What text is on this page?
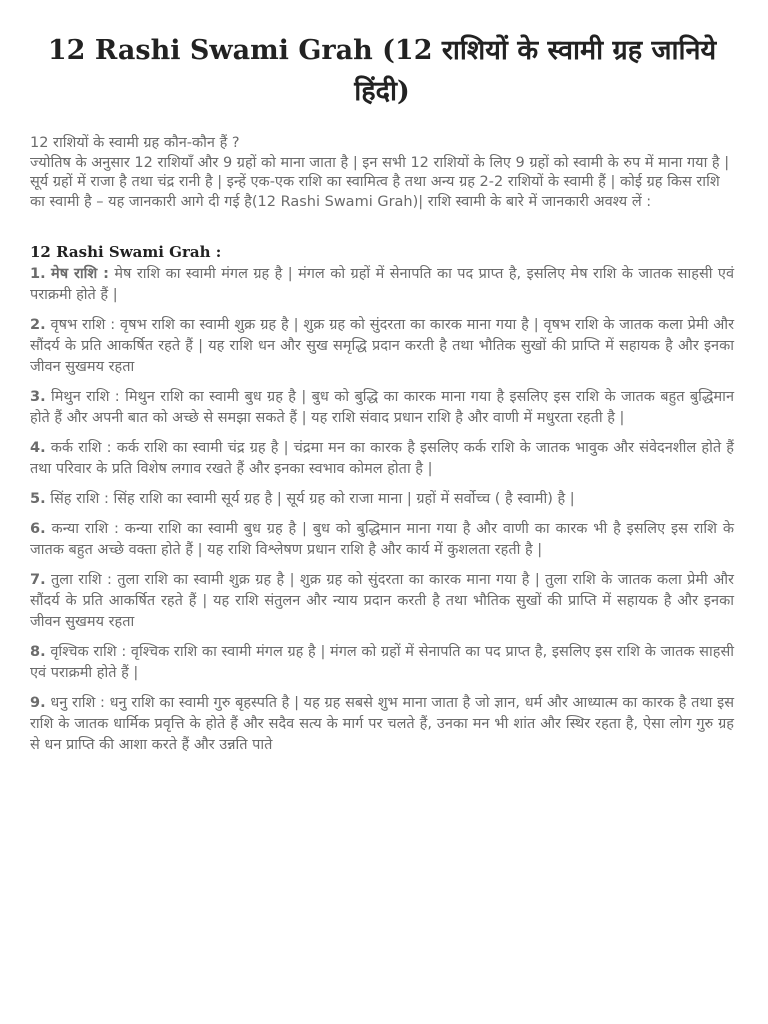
12 Rashi Swami Grah (12 राशियों के स्वामी ग्रह जानिये हिंदी)

12 राशियों के स्वामी ग्रह कौन-कौन हैं ?

ज्योतिष के अनुसार 12 राशियाँ और 9 ग्रहों को माना जाता है | इन सभी 12 राशियों के लिए 9 ग्रहों को स्वामी के रुप में माना गया है | सूर्य ग्रहों में राजा है तथा चंद्र रानी है | इन्हें एक-एक राशि का स्वामित्व है तथा अन्य ग्रह 2-2 राशियों के स्वामी हैं | कोई ग्रह किस राशि का स्वामी है – यह जानकारी आगे दी गई है(12 Rashi Swami Grah)| राशि स्वामी के बारे में जानकारी अवश्य लें :

12 Rashi Swami Grah :

1. मेष राशि : मेष राशि का स्वामी मंगल ग्रह है | मंगल को ग्रहों में सेनापति का पद प्राप्त है, इसलिए मेष राशि के जातक साहसी एवं पराक्रमी होते हैं |

2. वृषभ राशि : वृषभ राशि का स्वामी शुक्र ग्रह है | शुक्र ग्रह को सुंदरता का कारक माना गया है | वृषभ राशि के जातक कला प्रेमी और सौंदर्य के प्रति आकर्षित रहते हैं | यह राशि धन और सुख समृद्धि प्रदान करती है तथा भौतिक सुखों की प्राप्ति में सहायक है और इनका जीवन सुखमय रहता

3. मिथुन राशि : मिथुन राशि का स्वामी बुध ग्रह है | बुध को बुद्धि का कारक माना गया है इसलिए इस राशि के जातक बहुत बुद्धिमान होते हैं और अपनी बात को अच्छे से समझा सकते हैं | यह राशि संवाद प्रधान राशि है और वाणी में मधुरता रहती है |

4. कर्क राशि : कर्क राशि का स्वामी चंद्र ग्रह है | चंद्रमा मन का कारक है इसलिए कर्क राशि के जातक भावुक और संवेदनशील होते हैं तथा परिवार के प्रति विशेष लगाव रखते हैं और इनका स्वभाव कोमल होता है |

5. सिंह राशि : सिंह राशि का स्वामी सूर्य ग्रह है | सूर्य ग्रह को राजा माना | ग्रहों में सर्वोच्च ( है स्वामी) है |

6. कन्या राशि : कन्या राशि का स्वामी बुध ग्रह है | बुध को बुद्धिमान माना गया है और वाणी का कारक भी है इसलिए इस राशि के जातक बहुत अच्छे वक्ता होते हैं | यह राशि विश्लेषण प्रधान राशि है और कार्य में कुशलता रहती है |

7. तुला राशि : तुला राशि का स्वामी शुक्र ग्रह है | शुक्र ग्रह को सुंदरता का कारक माना गया है | तुला राशि के जातक कला प्रेमी और सौंदर्य के प्रति आकर्षित रहते हैं | यह राशि संतुलन और न्याय प्रदान करती है तथा भौतिक सुखों की प्राप्ति में सहायक है और इनका जीवन सुखमय रहता

8. वृश्चिक राशि : वृश्चिक राशि का स्वामी मंगल ग्रह है | मंगल को ग्रहों में सेनापति का पद प्राप्त है, इसलिए इस राशि के जातक साहसी एवं पराक्रमी होते हैं |

9. धनु राशि : धनु राशि का स्वामी गुरु बृहस्पति है | यह ग्रह सबसे शुभ माना जाता है जो ज्ञान, धर्म और आध्यात्म का कारक है तथा इस राशि के जातक धार्मिक प्रवृत्ति के होते हैं और सदैव सत्य के मार्ग पर चलते हैं, उनका मन भी शांत और स्थिर रहता है, ऐसा लोग गुरु ग्रह से धन प्राप्ति की आशा करते हैं और उन्नति पाते
